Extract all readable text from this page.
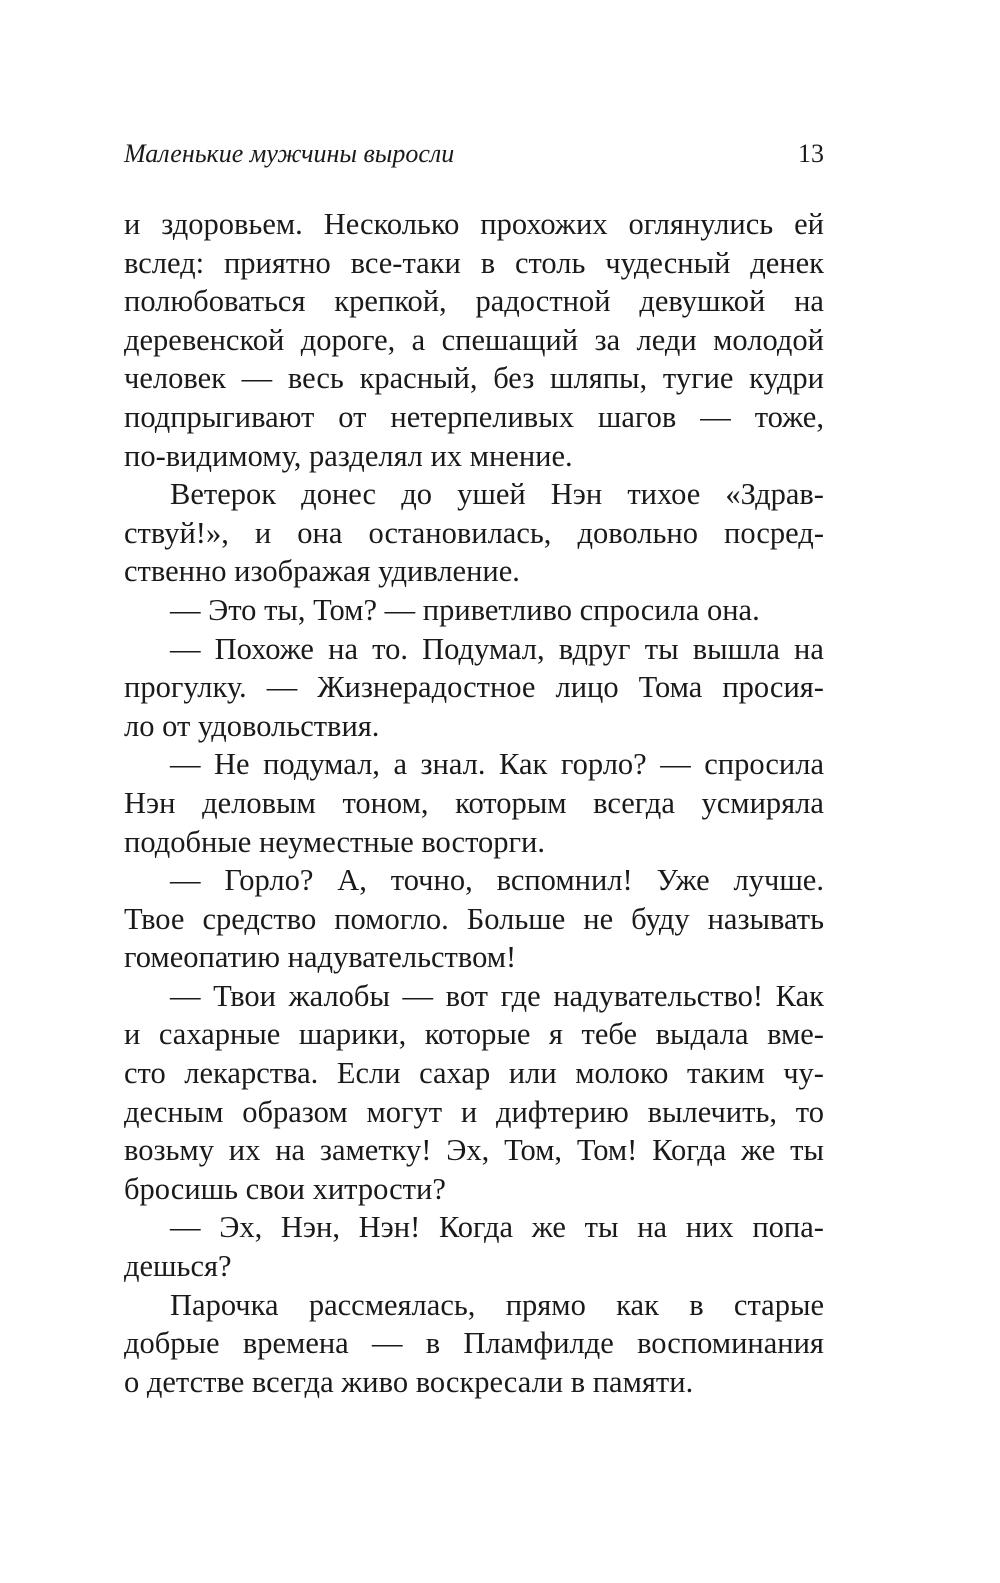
Маленькие мужчины выросли	13
и здоровьем. Несколько прохожих оглянулись ей
вслед: приятно все-таки в столь чудесный денек
полюбоваться крепкой, радостной девушкой на
деревенской дороге, а спешащий за леди молодой
человек — весь красный, без шляпы, тугие кудри
подпрыгивают от нетерпеливых шагов — тоже,
по-видимому, разделял их мнение.
Ветерок донес до ушей Нэн тихое «Здрав-
ствуй!», и она остановилась, довольно посред-
ственно изображая удивление.
— Это ты, Том? — приветливо спросила она.
— Похоже на то. Подумал, вдруг ты вышла на
прогулку. — Жизнерадостное лицо Тома просия-
ло от удовольствия.
— Не подумал, а знал. Как горло? — спросила
Нэн деловым тоном, которым всегда усмиряла
подобные неуместные восторги.
— Горло? А, точно, вспомнил! Уже лучше.
Твое средство помогло. Больше не буду называть
гомеопатию надувательством!
— Твои жалобы — вот где надувательство! Как
и сахарные шарики, которые я тебе выдала вме-
сто лекарства. Если сахар или молоко таким чу-
десным образом могут и дифтерию вылечить, то
возьму их на заметку! Эх, Том, Том! Когда же ты
бросишь свои хитрости?
— Эх, Нэн, Нэн! Когда же ты на них попа-
дешься?
Парочка рассмеялась, прямо как в старые
добрые времена — в Пламфилде воспоминания
о детстве всегда живо воскресали в памяти.
